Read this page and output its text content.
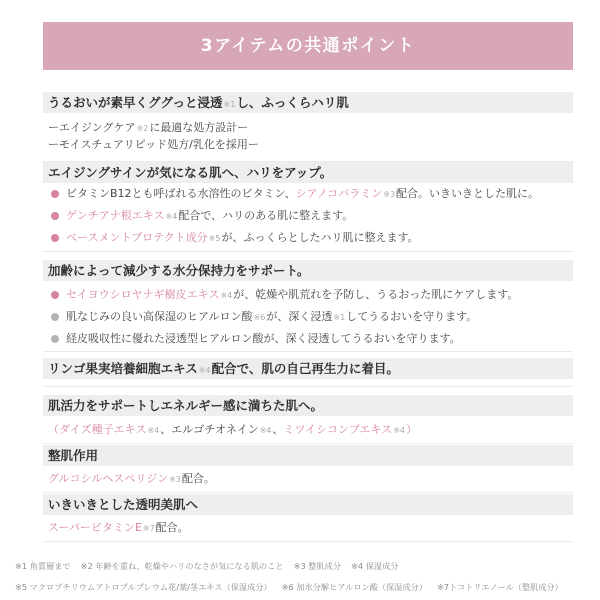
3アイテムの共通ポイント
うるおいが素早くググっと浸透※1し、ふっくらハリ肌
ーエイジングケア※2に最適な処方設計ー
ーモイスチュアリピッド処方/乳化を採用ー
エイジングサインが気になる肌へ、ハリをアップ。
ビタミンB12とも呼ばれる水溶性のビタミン、シアノコバラミン※3配合。いきいきとした肌に。
ゲンチアナ根エキス※4配合で、ハリのある肌に整えます。
ベースメントプロテクト成分※5が、ふっくらとしたハリ肌に整えます。
加齢によって減少する水分保持力をサポート。
セイヨウシロヤナギ樹皮エキス※4が、乾燥や肌荒れを予防し、うるおった肌にケアします。
肌なじみの良い高保湿のヒアルロン酸※6が、深く浸透※1してうるおいを守ります。
経皮吸収性に優れた浸透型ヒアルロン酸が、深く浸透してうるおいを守ります。
リンゴ果実培養細胞エキス※4配合で、肌の自己再生力に着目。
肌活力をサポートしエネルギー感に満ちた肌へ。
（ダイズ種子エキス※4、エルゴチオネイン※4、ミツイシコンブエキス※4）
整肌作用
グルコシルヘスペリジン※3配合。
いきいきとした透明美肌へ
スーパービタミンE※7配合。
※1 角質層まで ※2 年齢を重ね、乾燥やハリのなさが気になる肌のこと ※3 整肌成分 ※4 保湿成分
※5 マクロプチリウムアトロプルプレウム花/葉/茎エキス（保湿成分） ※6 加水分解ヒアルロン酸（保湿成分） ※7トコトリエノール（整肌成分）
